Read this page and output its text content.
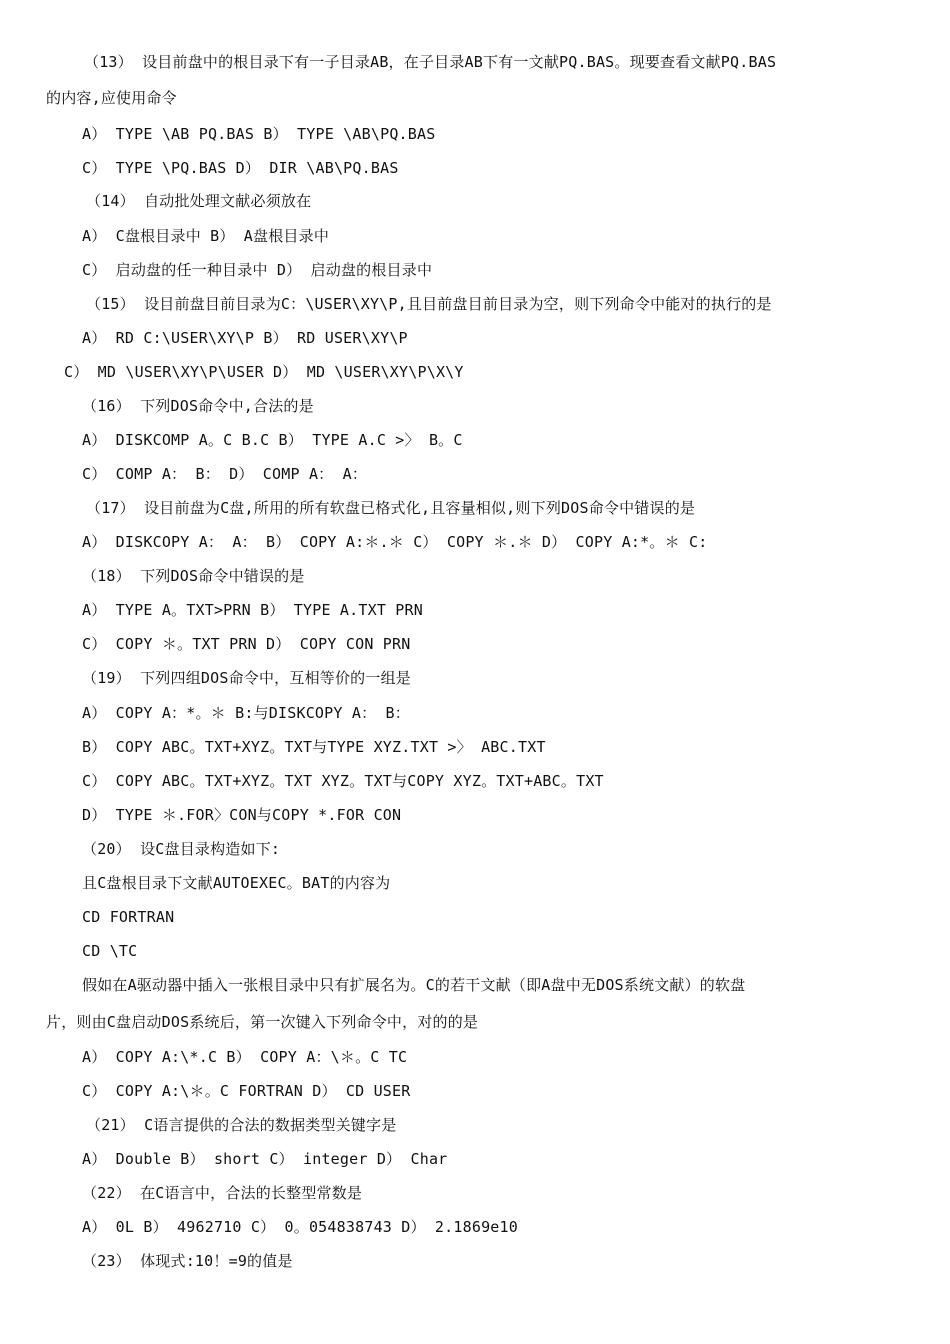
（13） 设目前盘中的根目录下有一子目录AB，在子目录AB下有一文献PQ.BAS。现要查看文献PQ.BAS
的内容,应使用命令
A） TYPE \AB PQ.BAS B） TYPE \AB\PQ.BAS
C） TYPE \PQ.BAS D） DIR \AB\PQ.BAS
（14） 自动批处理文献必须放在
A） C盘根目录中 B） A盘根目录中
C） 启动盘的任一种目录中 D） 启动盘的根目录中
（15） 设目前盘目前目录为C：\USER\XY\P,且目前盘目前目录为空，则下列命令中能对的执行的是
A） RD C:\USER\XY\P B） RD USER\XY\P
C） MD \USER\XY\P\USER D） MD \USER\XY\P\X\Y
（16） 下列DOS命令中,合法的是
A） DISKCOMP A。C B.C B） TYPE A.C >〉 B。C
C） COMP A： B： D） COMP A： A：
（17） 设目前盘为C盘,所用的所有软盘已格式化,且容量相似,则下列DOS命令中错误的是
A） DISKCOPY A： A： B） COPY A:＊.＊ C） COPY ＊.＊ D） COPY A:*。＊ C:
（18） 下列DOS命令中错误的是
A） TYPE A。TXT>PRN B） TYPE A.TXT PRN
C） COPY ＊。TXT PRN D） COPY CON PRN
（19） 下列四组DOS命令中，互相等价的一组是
A） COPY A：*。＊ B:与DISKCOPY A： B：
B） COPY ABC。TXT+XYZ。TXT与TYPE XYZ.TXT >〉 ABC.TXT
C） COPY ABC。TXT+XYZ。TXT XYZ。TXT与COPY XYZ。TXT+ABC。TXT
D） TYPE ＊.FOR〉CON与COPY *.FOR CON
（20） 设C盘目录构造如下:
且C盘根目录下文献AUTOEXEC。BAT的内容为
CD FORTRAN
CD \TC
假如在A驱动器中插入一张根目录中只有扩展名为。C的若干文献（即A盘中无DOS系统文献）的软盘
片，则由C盘启动DOS系统后，第一次键入下列命令中，对的的是
A） COPY A:\*.C B） COPY A：\＊。C TC
C） COPY A:\＊。C FORTRAN D） CD USER
（21） C语言提供的合法的数据类型关键字是
A） Double B） short C） integer D） Char
（22） 在C语言中，合法的长整型常数是
A） 0L B） 4962710 C） 0。054838743 D） 2.1869e10
（23） 体现式:10！=9的值是
